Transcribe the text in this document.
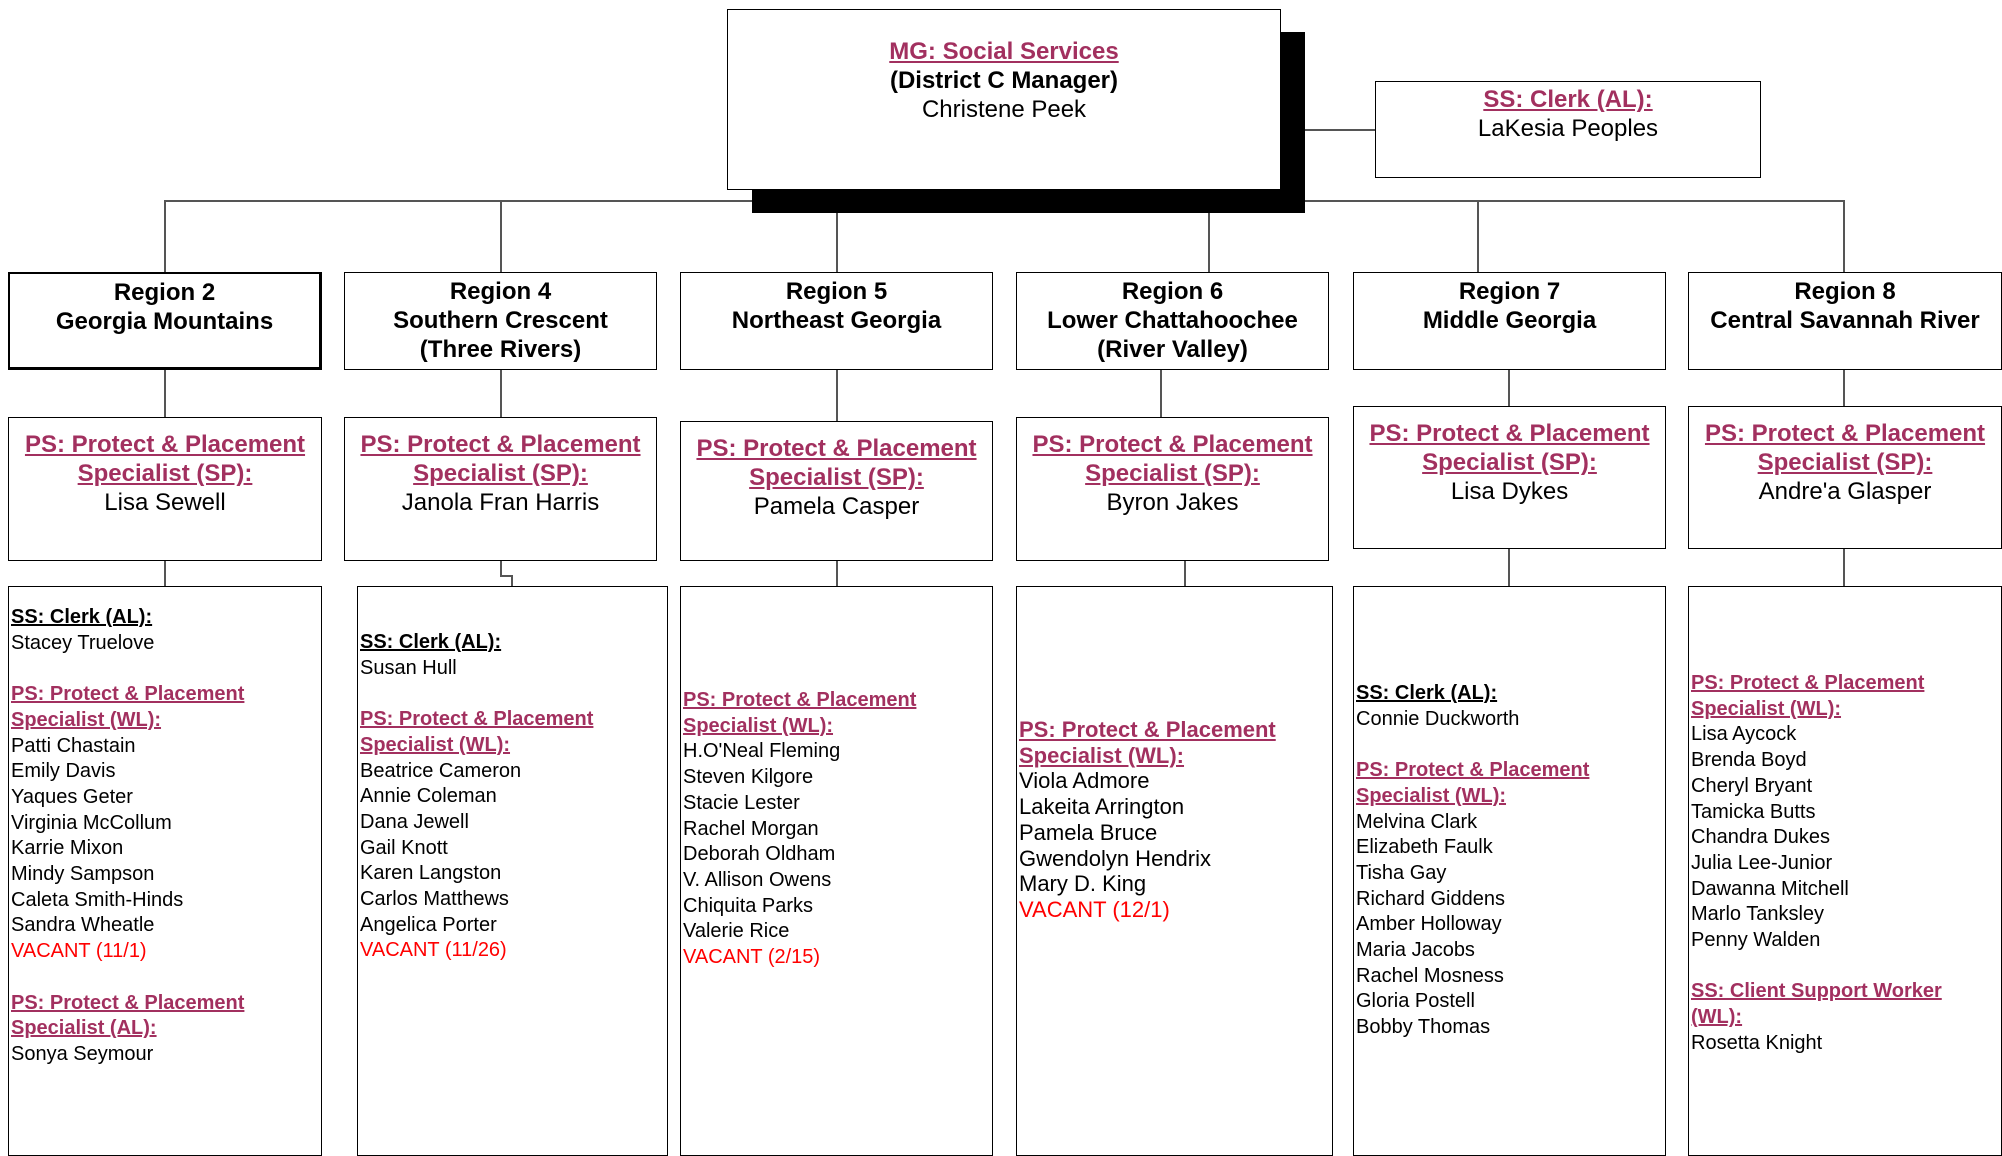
MG: Social Services
(District C Manager)
Christene Peek	SS: Clerk (AL):
LaKesia Peoples
Region 2
Georgia Mountains
Region 4
Southern Crescent
(Three Rivers)
Region 5
Northeast Georgia
Region 6
Lower Chattahoochee
(River Valley)
Region 7
Middle Georgia
Region 8
Central Savannah River
PS: Protect & Placement
Specialist (SP):
Lisa Sewell
PS: Protect & Placement
Specialist (SP):
Janola Fran Harris
PS: Protect & Placement
Specialist (SP):
Pamela Casper
PS: Protect & Placement
Specialist (SP):
Byron Jakes
PS: Protect & Placement
Specialist (SP):
Lisa Dykes
PS: Protect & Placement
Specialist (SP):
Andre'a Glasper
SS: Clerk (AL):
Stacey Truelove
PS: Protect & Placement
Specialist (WL):
Patti Chastain
Emily Davis
Yaques Geter
Virginia McCollum
Karrie Mixon
Mindy Sampson
Caleta Smith-Hinds
Sandra Wheatle
VACANT (11/1)
PS: Protect & Placement
Specialist (AL):
Sonya Seymour
SS: Clerk (AL):
Susan Hull
PS: Protect & Placement
Specialist (WL):
Beatrice Cameron
Annie Coleman
Dana Jewell
Gail Knott
Karen Langston
Carlos Matthews
Angelica Porter
VACANT (11/26)
PS: Protect & Placement
Specialist (WL):
H.O'Neal Fleming
Steven Kilgore
Stacie Lester
Rachel Morgan
Deborah Oldham
V. Allison Owens
Chiquita Parks
Valerie Rice
VACANT (2/15)
PS: Protect & Placement
Specialist (WL):
Viola Admore
Lakeita Arrington
Pamela Bruce
Gwendolyn Hendrix
Mary D. King
VACANT (12/1)
SS: Clerk (AL):
Connie Duckworth
PS: Protect & Placement
Specialist (WL):
Melvina Clark
Elizabeth Faulk
Tisha Gay
Richard Giddens
Amber Holloway
Maria Jacobs
Rachel Mosness
Gloria Postell
Bobby Thomas
PS: Protect & Placement
Specialist (WL):
Lisa Aycock
Brenda Boyd
Cheryl Bryant
Tamicka Butts
Chandra Dukes
Julia Lee-Junior
Dawanna Mitchell
Marlo Tanksley
Penny Walden
SS: Client Support Worker
(WL):
Rosetta Knight
